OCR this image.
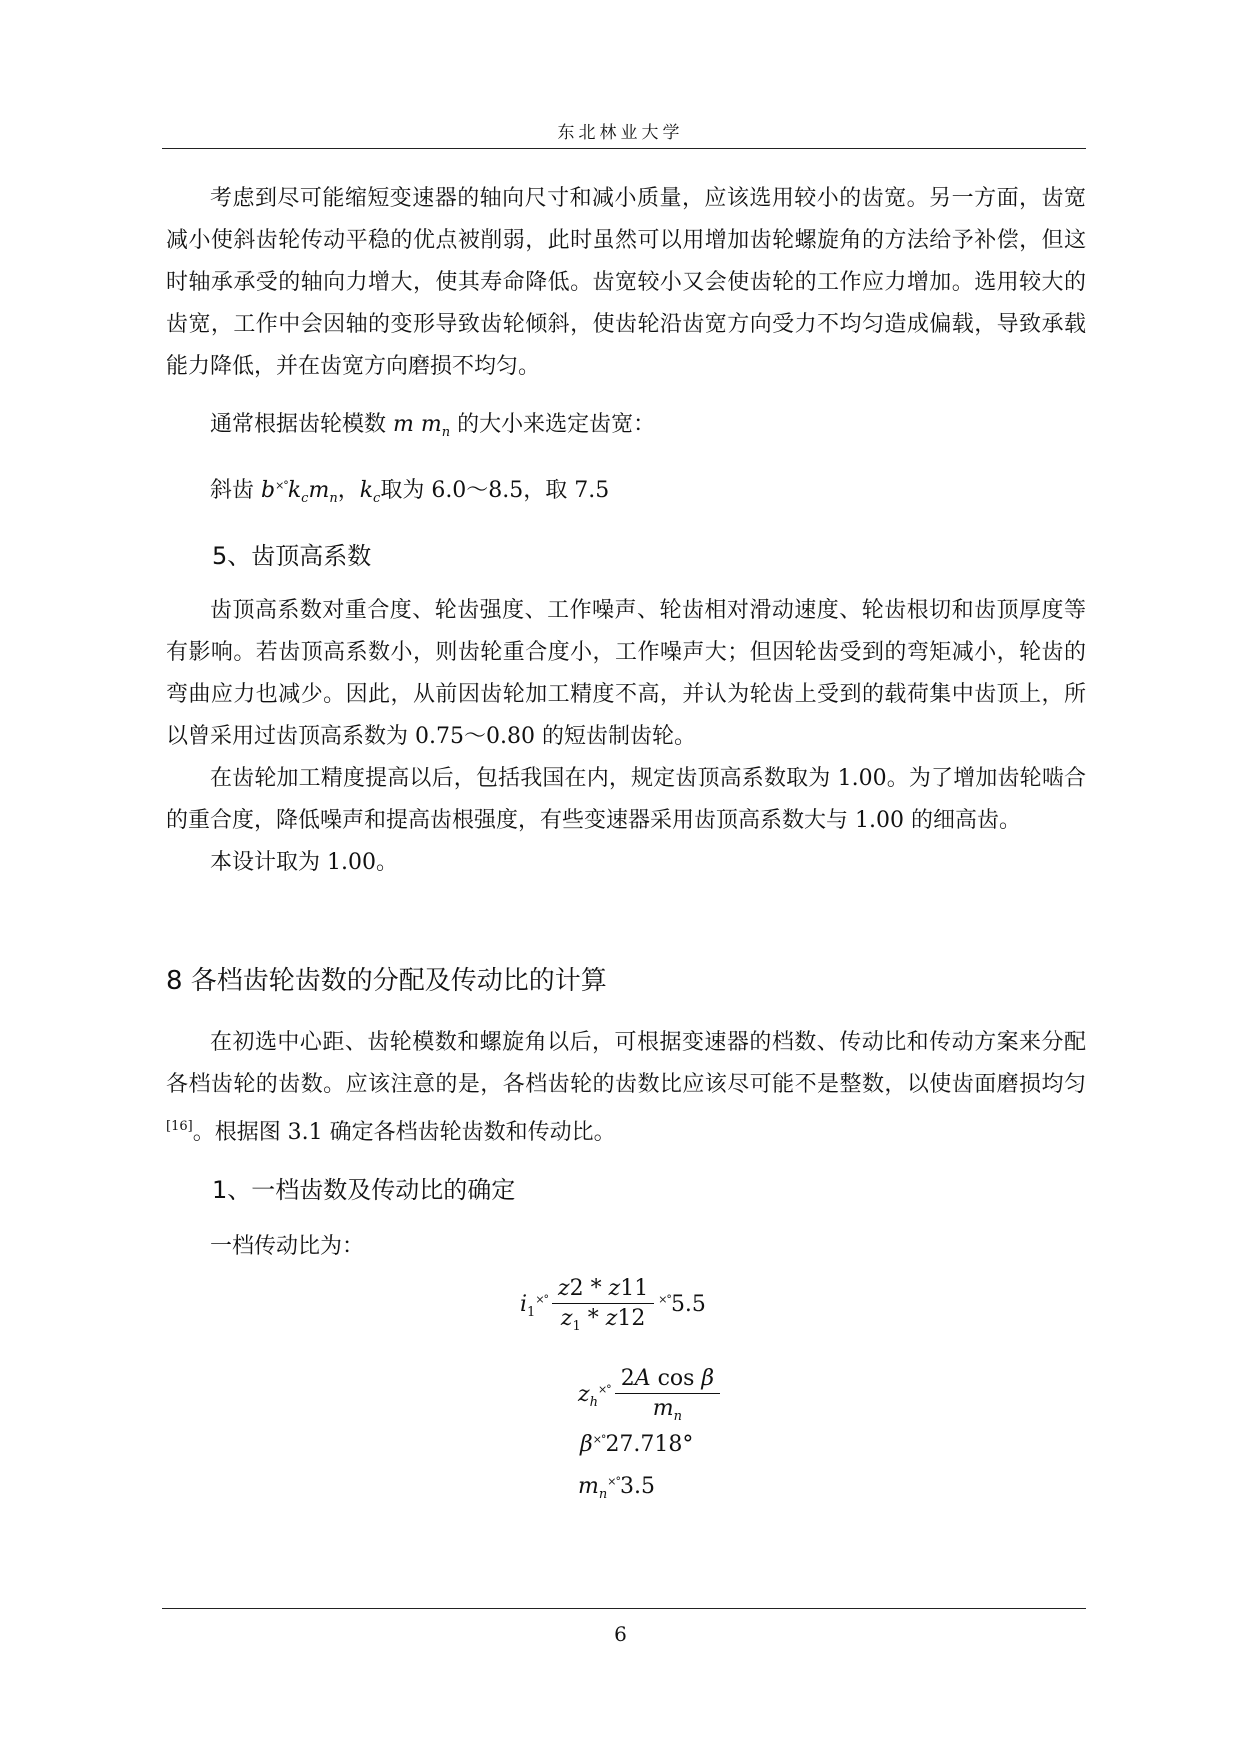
东北林业大学

考虑到尽可能缩短变速器的轴向尺寸和减小质量，应该选用较小的齿宽。另一方面，齿宽减小使斜齿轮传动平稳的优点被削弱，此时虽然可以用增加齿轮螺旋角的方法给予补偿，但这时轴承承受的轴向力增大，使其寿命降低。齿宽较小又会使齿轮的工作应力增加。选用较大的齿宽，工作中会因轴的变形导致齿轮倾斜，使齿轮沿齿宽方向受力不均匀造成偏载，导致承载能力降低，并在齿宽方向磨损不均匀。

通常根据齿轮模数 m $m_n$ 的大小来选定齿宽：

斜齿 $b^{\times^\circ}k_cm_n$，$k_c$取为 6.0～8.5，取 7.5
5、齿顶高系数

齿顶高系数对重合度、轮齿强度、工作噪声、轮齿相对滑动速度、轮齿根切和齿顶厚度等有影响。若齿顶高系数小，则齿轮重合度小，工作噪声大；但因轮齿受到的弯矩减小，轮齿的弯曲应力也减少。因此，从前因齿轮加工精度不高，并认为轮齿上受到的载荷集中齿顶上，所以曾采用过齿顶高系数为 0.75～0.80 的短齿制齿轮。

在齿轮加工精度提高以后，包括我国在内，规定齿顶高系数取为 1.00。为了增加齿轮啮合的重合度，降低噪声和提高齿根强度，有些变速器采用齿顶高系数大与 1.00 的细高齿。

本设计取为 1.00。

8 各档齿轮齿数的分配及传动比的计算

在初选中心距、齿轮模数和螺旋角以后，可根据变速器的档数、传动比和传动方案来分配各档齿轮的齿数。应该注意的是，各档齿轮的齿数比应该尽可能不是整数，以使齿面磨损均匀[16]。根据图 3.1 确定各档齿轮齿数和传动比。

1、一档齿数及传动比的确定

一档传动比为：

$i_1^{\times^\circ} \frac{z2 * z11}{z_1 * z12} ^{\times^\circ}5.5$
$z_h^{\times^\circ} \frac{\text{2A cos β}}{m_n}$
β×°27.718°
$m_n^{\times^\circ}3.5$
6
